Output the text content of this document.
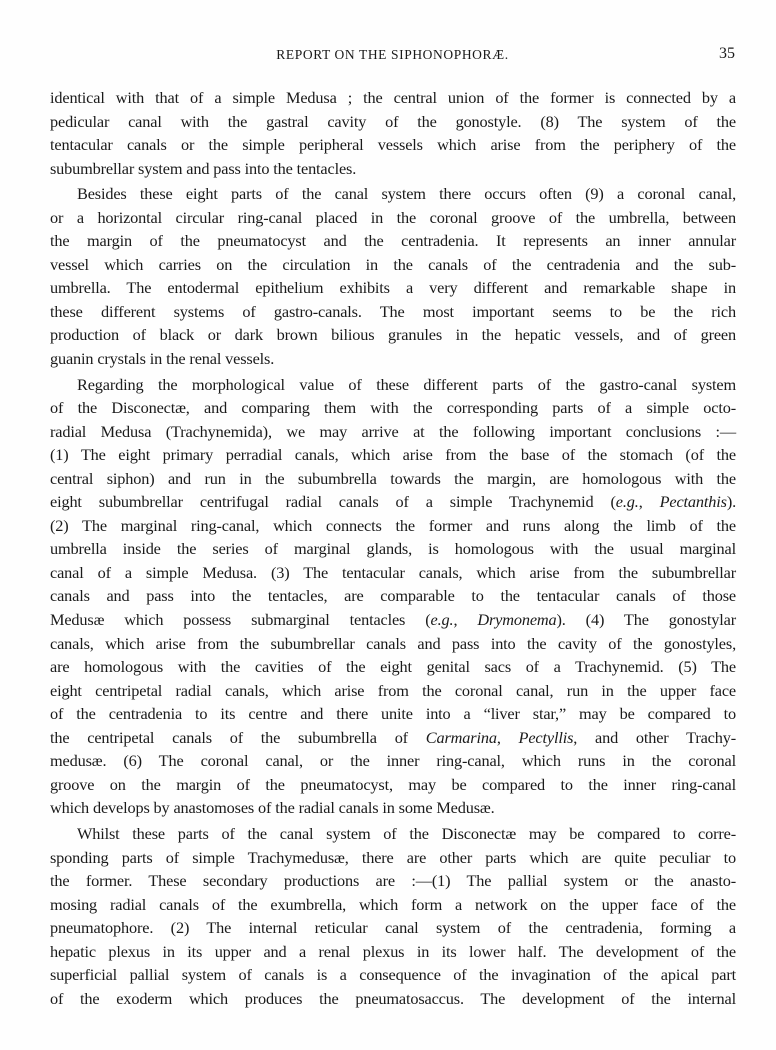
REPORT ON THE SIPHONOPHORÆ.	35
identical with that of a simple Medusa ; the central union of the former is connected by a
pedicular canal with the gastral cavity of the gonostyle. (8) The system of the
tentacular canals or the simple peripheral vessels which arise from the periphery of the
subumbrellar system and pass into the tentacles.
Besides these eight parts of the canal system there occurs often (9) a coronal canal,
or a horizontal circular ring-canal placed in the coronal groove of the umbrella, between
the margin of the pneumatocyst and the centradenia. It represents an inner annular
vessel which carries on the circulation in the canals of the centradenia and the sub-
umbrella. The entodermal epithelium exhibits a very different and remarkable shape in
these different systems of gastro-canals. The most important seems to be the rich
production of black or dark brown bilious granules in the hepatic vessels, and of green
guanin crystals in the renal vessels.
Regarding the morphological value of these different parts of the gastro-canal system
of the Disconectæ, and comparing them with the corresponding parts of a simple octo-
radial Medusa (Trachynemida), we may arrive at the following important conclusions :—
(1) The eight primary perradial canals, which arise from the base of the stomach (of the
central siphon) and run in the subumbrella towards the margin, are homologous with the
eight subumbrellar centrifugal radial canals of a simple Trachynemid (e.g., Pectanthis).
(2) The marginal ring-canal, which connects the former and runs along the limb of the
umbrella inside the series of marginal glands, is homologous with the usual marginal
canal of a simple Medusa. (3) The tentacular canals, which arise from the subumbrellar
canals and pass into the tentacles, are comparable to the tentacular canals of those
Medusæ which possess submarginal tentacles (e.g., Drymonema). (4) The gonostylar
canals, which arise from the subumbrellar canals and pass into the cavity of the gonostyles,
are homologous with the cavities of the eight genital sacs of a Trachynemid. (5) The
eight centripetal radial canals, which arise from the coronal canal, run in the upper face
of the centradenia to its centre and there unite into a “liver star,” may be compared to
the centripetal canals of the subumbrella of Carmarina, Pectyllis, and other Trachy-
medusæ. (6) The coronal canal, or the inner ring-canal, which runs in the coronal
groove on the margin of the pneumatocyst, may be compared to the inner ring-canal
which develops by anastomoses of the radial canals in some Medusæ.
Whilst these parts of the canal system of the Disconectæ may be compared to corre-
sponding parts of simple Trachymedusæ, there are other parts which are quite peculiar to
the former. These secondary productions are :—(1) The pallial system or the anasto-
mosing radial canals of the exumbrella, which form a network on the upper face of the
pneumatophore. (2) The internal reticular canal system of the centradenia, forming a
hepatic plexus in its upper and a renal plexus in its lower half. The development of the
superficial pallial system of canals is a consequence of the invagination of the apical part
of the exoderm which produces the pneumatosaccus. The development of the internal
